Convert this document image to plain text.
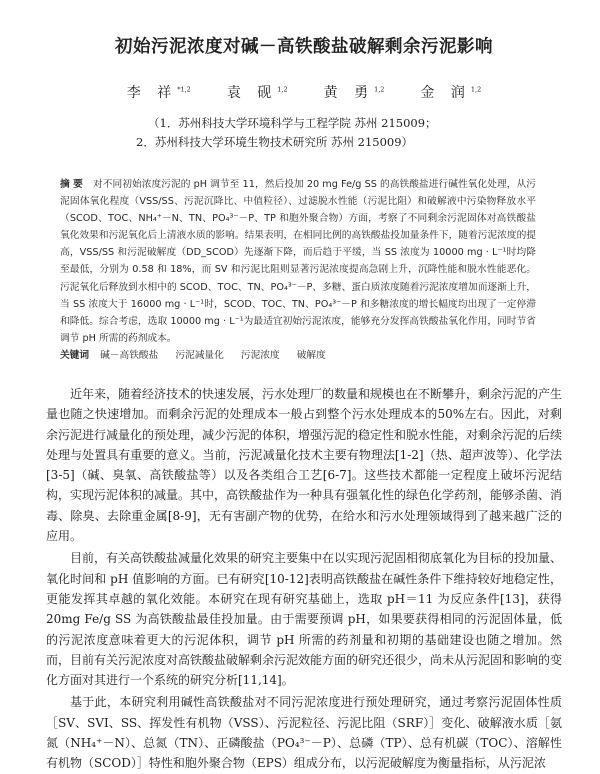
初始污泥浓度对碱－高铁酸盐破解剩余污泥影响
李 祥$^{*1,2}$	袁 砚$^{1,2}$	黄 勇$^{1,2}$	金 润$^{1,2}$
（1．苏州科技大学环境科学与工程学院 苏州 215009；
2．苏州科技大学环境生物技术研究所 苏州 215009）
摘 要 对不同初始浓度污泥的 pH 调节至 11，然后投加 20 mg Fe/g SS 的高铁酸盐进行碱性氧化处理，从污泥固体氧化程度（VSS/SS、污泥沉降比、中值粒径）、过滤脱水性能（污泥比阻）和破解液中污染物释放水平（SCOD、TOC、NH₄⁺－N、TN、PO₄³⁻－P、TP 和胞外聚合物）方面，考察了不同剩余污泥固体对高铁酸盐氧化效果和污泥氧化后上清液水质的影响。结果表明，在相同比例的高铁酸盐投加量条件下，随着污泥浓度的提高，VSS/SS 和污泥破解度（DD_SCOD）先逐渐下降，而后趋于平缓，当 SS 浓度为 10000 mg · L⁻¹时均降至最低，分别为 0.58 和 18%，而 SV 和污泥比阻则显著污泥浓度提高急剧上升，沉降性能和脱水性能恶化。污泥氧化后释放到水相中的 SCOD、TOC、TN、PO₄³⁻－P、多糖、蛋白质浓度随着污泥浓度增加而逐渐上升，当 SS 浓度大于 16000 mg · L⁻¹时，SCOD、TOC、TN、PO₄³⁻－P 和多糖浓度的增长幅度均出现了一定停滞和降低。综合考虑，选取 10000 mg · L⁻¹为最适宜初始污泥浓度，能够充分发挥高铁酸盐氧化作用，同时节省调节 pH 所需的药剂成本。
关键词 碱－高铁酸盐 污泥减量化 污泥浓度 破解度

近年来，随着经济技术的快速发展，污水处理厂的数量和规模也在不断攀升，剩余污泥的产生量也随之快速增加。而剩余污泥的处理成本一般占到整个污水处理成本的50%左右。因此，对剩余污泥进行减量化的预处理，减少污泥的体积，增强污泥的稳定性和脱水性能，对剩余污泥的后续处理与处置具有重要的意义。当前，污泥减量化技术主要有物理法[1-2]（热、超声波等）、化学法[3-5]（碱、臭氧、高铁酸盐等）以及各类组合工艺[6-7]。这些技术都能一定程度上破坏污泥结构，实现污泥体积的减量。其中，高铁酸盐作为一种具有强氧化性的绿色化学药剂，能够杀菌、消毒、除臭、去除重金属[8-9]，无有害副产物的优势，在给水和污水处理领域得到了越来越广泛的应用。

目前，有关高铁酸盐减量化效果的研究主要集中在以实现污泥固相彻底氧化为目标的投加量、氧化时间和 pH 值影响的方面。已有研究[10-12]表明高铁酸盐在碱性条件下维持较好地稳定性，更能发挥其卓越的氧化效能。本研究在现有研究基础上，选取 pH＝11 为反应条件[13]，获得 20mg Fe/g SS 为高铁酸盐最佳投加量。由于需要预调 pH，如果要获得相同的污泥固体量，低的污泥浓度意味着更大的污泥体积，调节 pH 所需的药剂量和初期的基础建设也随之增加。然而，目前有关污泥浓度对高铁酸盐破解剩余污泥效能方面的研究还很少，尚未从污泥固和影响的变化方面对其进行一个系统的研究分析[11,14]。

基于此，本研究利用碱性高铁酸盐对不同污泥浓度进行预处理研究，通过考察污泥固体性质［SV、SVI、SS、挥发性有机物（VSS）、污泥粒径、污泥比阻（SRF）］变化、破解液水质［氨氮（NH₄⁺－N）、总氮（TN）、正磷酸盐（PO₄³⁻－P）、总磷（TP）、总有机碳（TOC）、溶解性有机物（SCOD）］特性和胞外聚合物（EPS）组成分布，以污泥破解度为衡量指标，从污泥浓
